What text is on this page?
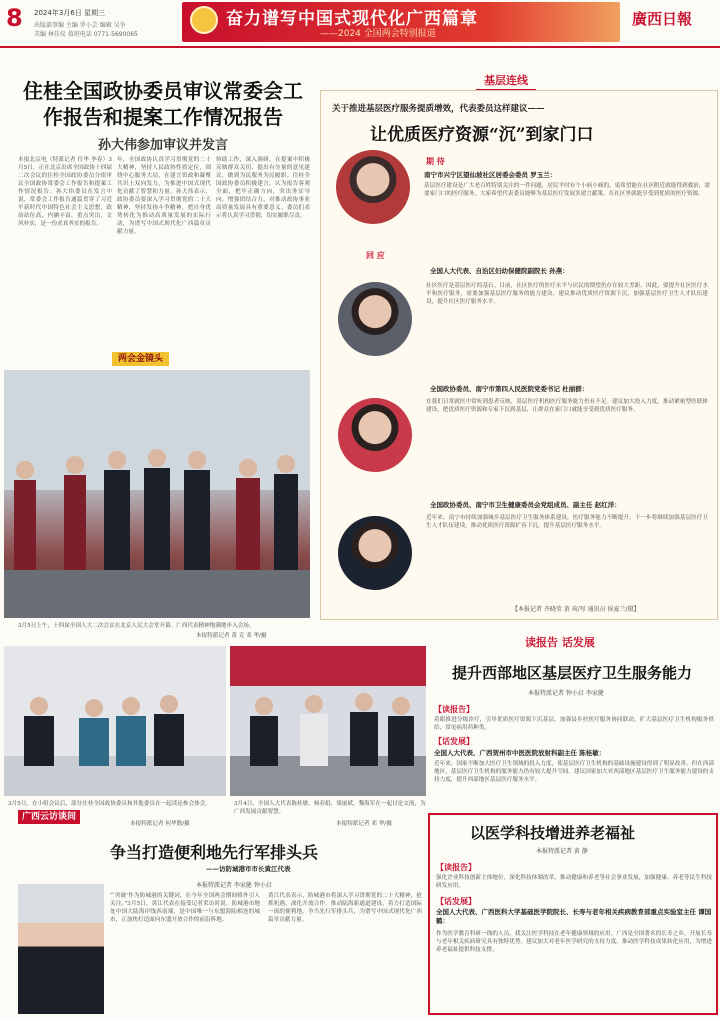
8 2024年3月6日 星期三
出版部事编 主编 罗小芸 编辑 吴争
美编 林佳仪 值班电话 0771-5690065
奋力谱写中国式现代化广西篇章
——2024 全国两会特别报道
廣西日報
住桂全国政协委员审议常委会工作报告和提案工作情况报告
孙大伟参加审议并发言
本报北京电（特派记者 任华 李春）3月5日，正在北京出席全国政协十四届二次会议的住桂全国政协委员分组审议全国政协常委会工作报告和提案工作情况报告。孙大伟委员在发言中说，常委会工作报告通篇贯穿了习近平新时代中国特色社会主义思想，政治站位高，内涵丰富，重点突出，文风朴实，是一份求真务实的报告。
年，全国政协认真学习贯彻党的二十大精神，坚持人民政协性质定位，围绕中心服务大局，在建言资政和凝聚共识上双向发力，为推进中国式现代化贡献了智慧和力量。孙大伟表示，政协委员要深入学习贯彻党的二十大精神，坚持发扬斗争精神，把自身优势转化为推动高质量发展的实际行动，为谱写中国式现代化广西篇章贡献力量。
协助工作，深入调研，在提案中积极反映群众关切，提出有分量的意见建议，做到为民服务为民履职。住桂全国政协委员积极建言，认为报告客观全面，把牢正确方向，突出务实导向，增强团结合力，对推动政协事业高质量发展具有重要意义。委员们表示将认真学习贯彻，切实履职尽责。
两会金镜头
3月5日上午，十四届全国人大二次会议在北京人民大会堂开幕。广西代表精神饱满地步入会场。
本报特派记者 黄 克 邓 华/摄
3月5日，在小组会议后，部分住桂全国政协委员和其他委员在一起谈论参会体会。
本报特派记者 何华勤/摄
3月4日，全国人大代表陈桂敏、杨春娟、梁丽斌、黎海军在一起讨论交流，为广西发展贡献智慧。
本报特派记者 邓 华/摄
基层连线
关于推进基层医疗服务提质增效，代表委员这样建议——
让优质医疗资源“沉”到家门口
期 待
南宁市兴宁区望仙坡社区居委会委员 罗玉兰：
基层医疗建设是广大老百姓特别关注的一件问题，居民平时有个小病小痛的，更希望能在社区附近就能得到救治，需要家门口的医疗服务，大家希望代表委员能够为基层医疗发展多建言献策，在社区里就能享受到优质的医疗资源。
回 应
全国人大代表、自治区妇幼保健院副院长 孙燕：
社区医疗是基层医疗的基石。目前，社区医疗的医疗水平与居民的期望仍存在较大差距。因此，要提升社区医疗水平和医疗服务，需要加强基层医疗服务的能力建设。建议推动优质医疗资源下沉，加强基层医疗卫生人才队伍建设，提升社区医疗服务水平。
全国政协委员、南宁市第四人民医院党委书记 杜丽群：
在我们日常就医中常听到患者反映，基层医疗机构医疗服务能力仍有不足。建议加大投入力度，推动紧密型医联体建设，把优质医疗资源和专家下沉到基层，让群众在家门口就能享受到优质医疗服务。
全国政协委员、南宁市卫生健康委员会党组成员、副主任 赵红洋：
近年来，南宁市持续加强城乡基层医疗卫生服务体系建设，医疗服务能力不断提升。下一步将继续加强基层医疗卫生人才队伍建设，推动优质医疗资源扩容下沉，提升基层医疗服务水平。
【本报记者 齐晓莹 黄 荷/写 通讯员 侯夏兰/摄】
读报告 话发展
提升西部地区基层医疗卫生服务能力
本报特派记者 钟小启 李家健
【读报告】
着眼推进分级诊疗，引导优质医疗资源下沉基层，加强县乡村医疗服务协同联动，扩大基层医疗卫生机构服务供给，常见病用药种类。
【话发展】
全国人大代表、广西贺州市中医医院放射科副主任 陈桂敏：
近年来，国家不断加大医疗卫生领域的投入力度，使基层医疗卫生机构的基础设施建设得到了明显改善。但在西部地区，基层医疗卫生机构的服务能力仍有较大提升空间。建议国家加大对西部地区基层医疗卫生服务能力建设的支持力度，提升西部地区基层医疗服务水平。
广西云访谈间
争当打造便利地先行军排头兵
——访防城港市市长黄江代表
本报特派记者 李家健 钟小启
“‘突破’作为防城港的关键词，在今年全国两会期间格外引人关注。”3月5日，黄江代表在接受记者采访时说。防城港市地处中国大陆海岸线西南端，是中国唯一与东盟海陆相连的城市，正加快打造面向东盟开放合作的前沿阵地。
黄江代表表示，防城港市将深入学习贯彻党的二十大精神，抢抓机遇，深化开放合作，推动陆海新通道建设，着力打造国际一流的便利地，争当先行军排头兵，为谱写中国式现代化广西篇章贡献力量。
以医学科技增进养老福祉
本报特派记者 黄 静
【读报告】
强化企业科技创新主体地位，深化科技体制改革，推动健康和养老等社会事业发展，加强健康、养老等民生科技研发应用。
【话发展】
全国人大代表、广西医科大学基础医学院院长、长寿与老年相关疾病教育部重点实验室主任 谭国鹤：
作为医学教育科研一线的人员，我关注医学科技在老年健康领域的应用。广西是全国著名的长寿之乡，开展长寿与老年相关疾病研究具有独特优势。建议加大对老年医学研究的支持力度，推动医学科技成果转化应用，为增进养老福祉提供科技支撑。
